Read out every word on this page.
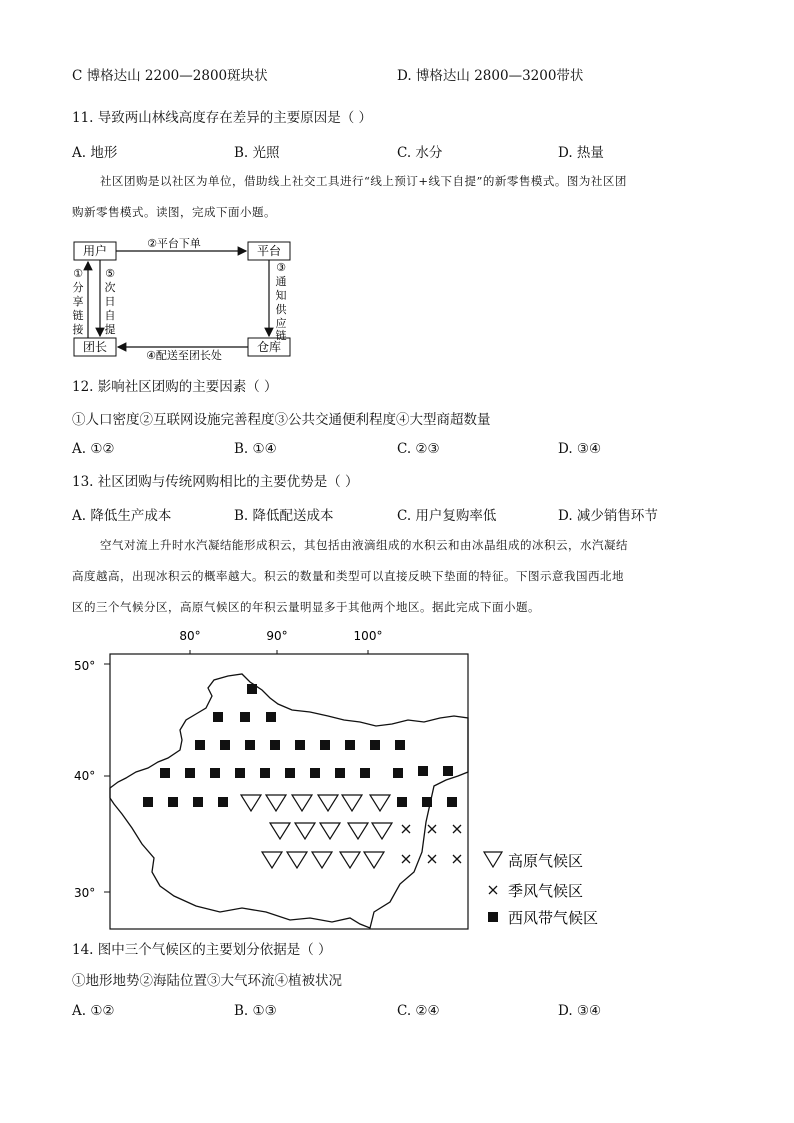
C 博格达山 2200—2800斑块状	D. 博格达山 2800—3200带状
11. 导致两山林线高度存在差异的主要原因是（ ）
A. 地形	B. 光照	C. 水分	D. 热量
社区团购是以社区为单位，借助线上社交工具进行“线上预订+线下自提”的新零售模式。图为社区团
购新零售模式。读图，完成下面小题。
用户	平台
团长	仓库
②平台下单
③
通
知
供
应
链
④配送至团长处
①
分
享
链
接
⑤
次
日
自
提
12. 影响社区团购的主要因素（ ）
①人口密度②互联网设施完善程度③公共交通便利程度④大型商超数量
A. ①②	B. ①④	C. ②③	D. ③④
13. 社区团购与传统网购相比的主要优势是（ ）
A. 降低生产成本	B. 降低配送成本	C. 用户复购率低	D. 减少销售环节
空气对流上升时水汽凝结能形成积云，其包括由液滴组成的水积云和由冰晶组成的冰积云，水汽凝结
高度越高，出现冰积云的概率越大。积云的数量和类型可以直接反映下垫面的特征。下图示意我国西北地
区的三个气候分区，高原气候区的年积云量明显多于其他两个地区。据此完成下面小题。
80°	90°	100°
50°
40°
30°
高原气候区
季风气候区
西风带气候区
14. 图中三个气候区的主要划分依据是（ ）
①地形地势②海陆位置③大气环流④植被状况
A. ①②	B. ①③	C. ②④	D. ③④
